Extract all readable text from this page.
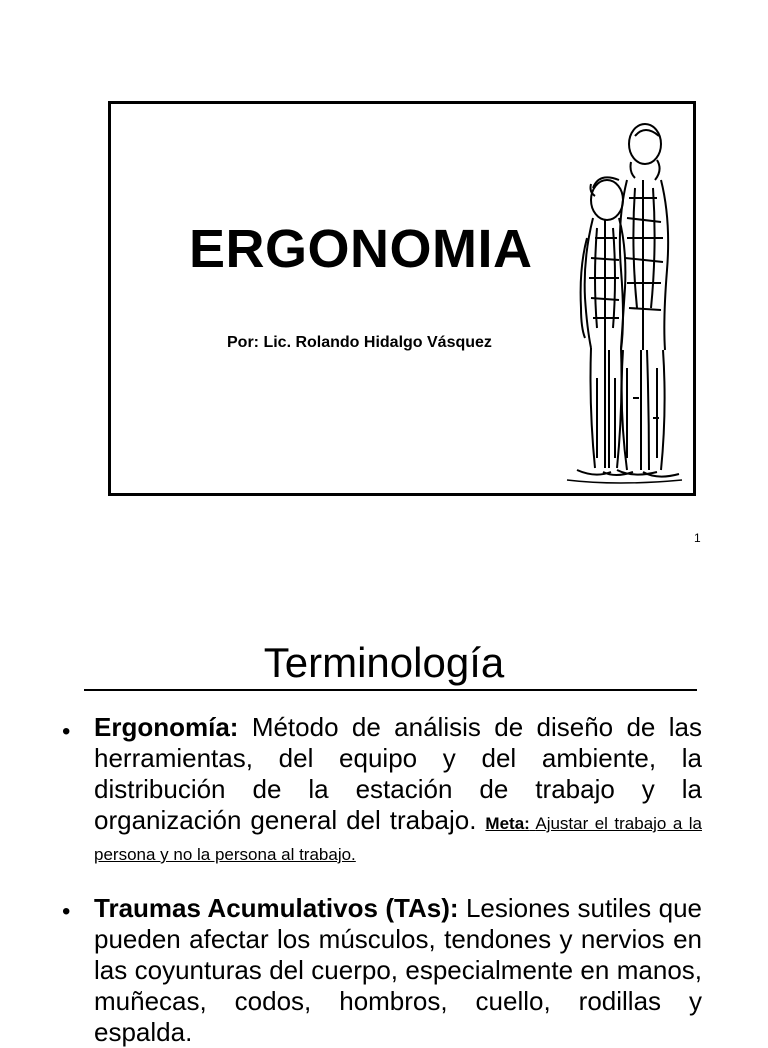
ERGONOMIA
Por: Lic. Rolando Hidalgo Vásquez
1
Terminología
• Ergonomía: Método de análisis de diseño de las herramientas, del equipo y del ambiente, la distribución de la estación de trabajo y la organización general del trabajo. Meta: Ajustar el trabajo a la persona y no la persona al trabajo.
• Traumas Acumulativos (TAs): Lesiones sutiles que pueden afectar los músculos, tendones y nervios en las coyunturas del cuerpo, especialmente en manos, muñecas, codos, hombros, cuello, rodillas y espalda.
